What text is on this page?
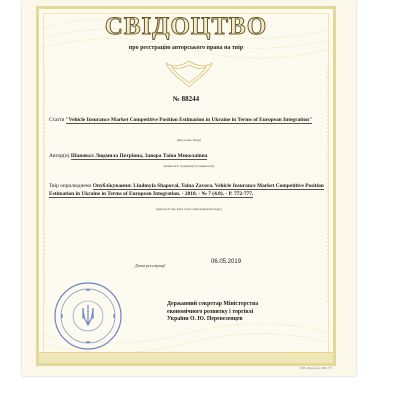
СВІДОЦТВО
про реєстрацію авторського права на твір
№ 88244
Стаття "Vehicle Insurance Market Competitive Position Estimation in Ukraine in Terms of European Integration"
(вид, назва твору)
Автор(и) Шаповал Людмила Петрівна, Завора Таїна Миколаївна
(повне ім'я, псевдонім (за наявності))
Твір оприлюднено Опублікування: Liudmyla Shapoval, Taina Zavora. Vehicle Insurance Market Competitive Position Estimation in Ukraine in Terms of European Integration. - 2018. - № 7 (4.8). - P. 772-777.
(відомості про факт і дату оприлюднення твору)
Дата реєстрації
06.05.2019
Державний секретар Міністерства
економічного розвитку і торгівлі
України О. Ю. Перевезенцев
ТОВ «Укрпресс», 2019, ТУ...
